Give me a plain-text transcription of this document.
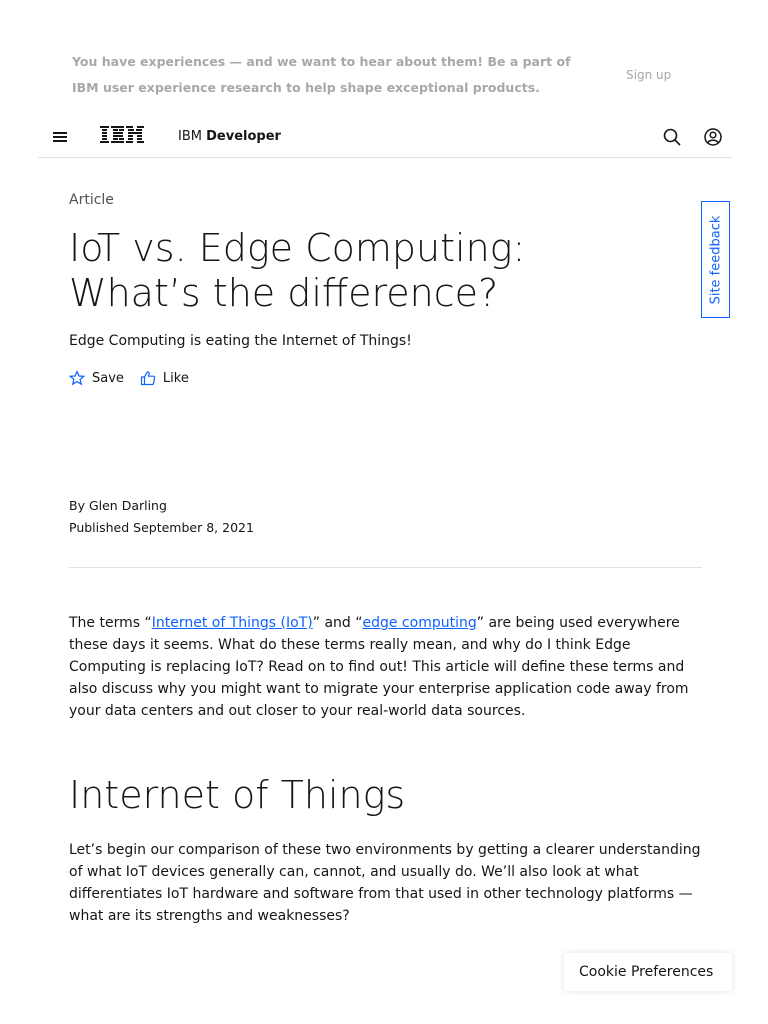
You have experiences — and we want to hear about them! Be a part of IBM user experience research to help shape exceptional products.
Sign up
IBM Developer
Article
IoT vs. Edge Computing: What’s the difference?
Edge Computing is eating the Internet of Things!
Save	Like
By Glen Darling
Published September 8, 2021

The terms “Internet of Things (IoT)” and “edge computing” are being used everywhere these days it seems. What do these terms really mean, and why do I think Edge Computing is replacing IoT? Read on to find out! This article will define these terms and also discuss why you might want to migrate your enterprise application code away from your data centers and out closer to your real-world data sources.

Internet of Things

Let’s begin our comparison of these two environments by getting a clearer understanding of what IoT devices generally can, cannot, and usually do. We’ll also look at what differentiates IoT hardware and software from that used in other technology platforms — what are its strengths and weaknesses?

Site feedback
Cookie Preferences
